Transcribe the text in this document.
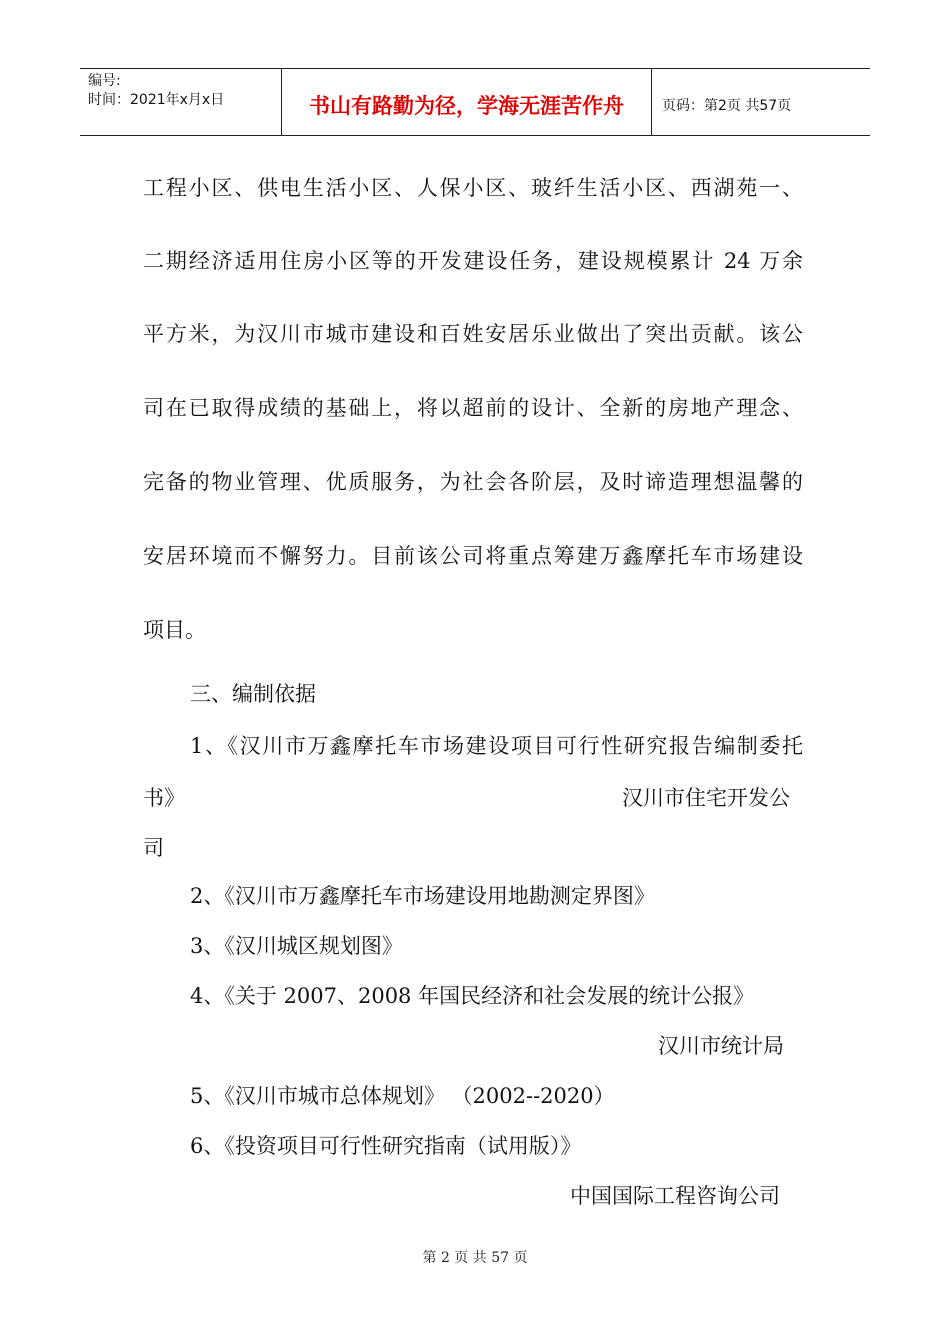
编号:
时间：2021年x月x日	书山有路勤为径，学海无涯苦作舟	页码：第2页 共57页
工程小区、供电生活小区、人保小区、玻纤生活小区、西湖苑一、
二期经济适用住房小区等的开发建设任务，建设规模累计 24 万余
平方米，为汉川市城市建设和百姓安居乐业做出了突出贡献。该公
司在已取得成绩的基础上，将以超前的设计、全新的房地产理念、
完备的物业管理、优质服务，为社会各阶层，及时谛造理想温馨的
安居环境而不懈努力。目前该公司将重点筹建万鑫摩托车市场建设
项目。
三、编制依据
1、《汉川市万鑫摩托车市场建设项目可行性研究报告编制委托
书》	汉川市住宅开发公
司
2、《汉川市万鑫摩托车市场建设用地勘测定界图》
3、《汉川城区规划图》
4、《关于 2007、2008 年国民经济和社会发展的统计公报》
汉川市统计局
5、《汉川市城市总体规划》 （2002--2020）
6、《投资项目可行性研究指南（试用版）》
中国国际工程咨询公司
第 2 页 共 57 页
